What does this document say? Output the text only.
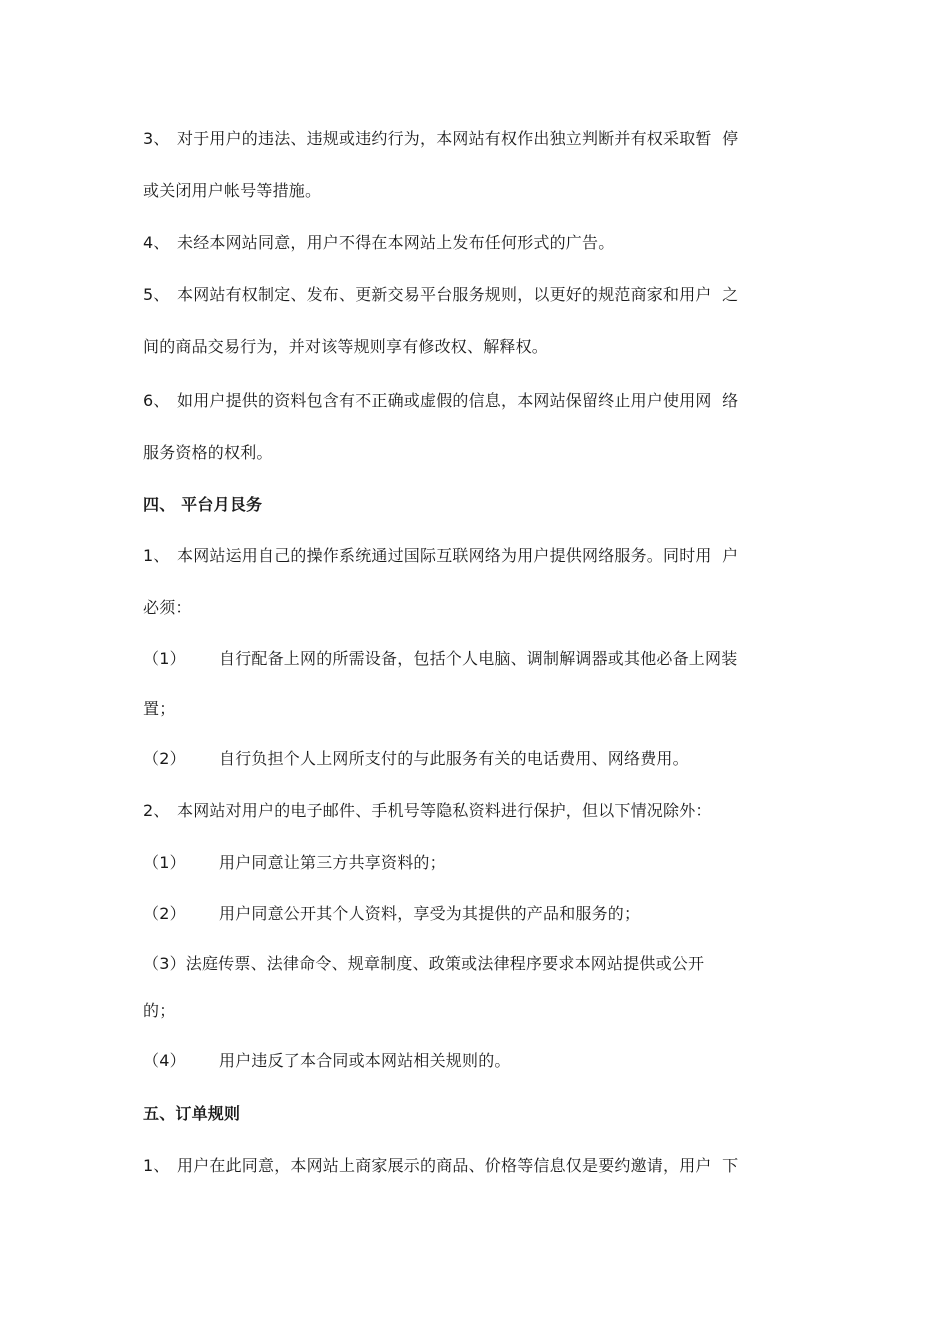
3、 对于用户的违法、违规或违约行为，本网站有权作出独立判断并有权采取暂  停
或关闭用户帐号等措施。
4、 未经本网站同意，用户不得在本网站上发布任何形式的广告。
5、 本网站有权制定、发布、更新交易平台服务规则，以更好的规范商家和用户  之
间的商品交易行为，并对该等规则享有修改权、解释权。
6、 如用户提供的资料包含有不正确或虚假的信息，本网站保留终止用户使用网  络
服务资格的权利。
四、 平台月艮务
1、 本网站运用自己的操作系统通过国际互联网络为用户提供网络服务。同时用  户
必须：
（1） 自行配备上网的所需设备，包括个人电脑、调制解调器或其他必备上网装
置；
（2） 自行负担个人上网所支付的与此服务有关的电话费用、网络费用。
2、 本网站对用户的电子邮件、手机号等隐私资料进行保护，但以下情况除外：
（1） 用户同意让第三方共享资料的；
（2） 用户同意公开其个人资料，享受为其提供的产品和服务的；
（3）法庭传票、法律命令、规章制度、政策或法律程序要求本网站提供或公开
的；
（4） 用户违反了本合同或本网站相关规则的。
五、订单规则
1、 用户在此同意，本网站上商家展示的商品、价格等信息仅是要约邀请，用户  下
